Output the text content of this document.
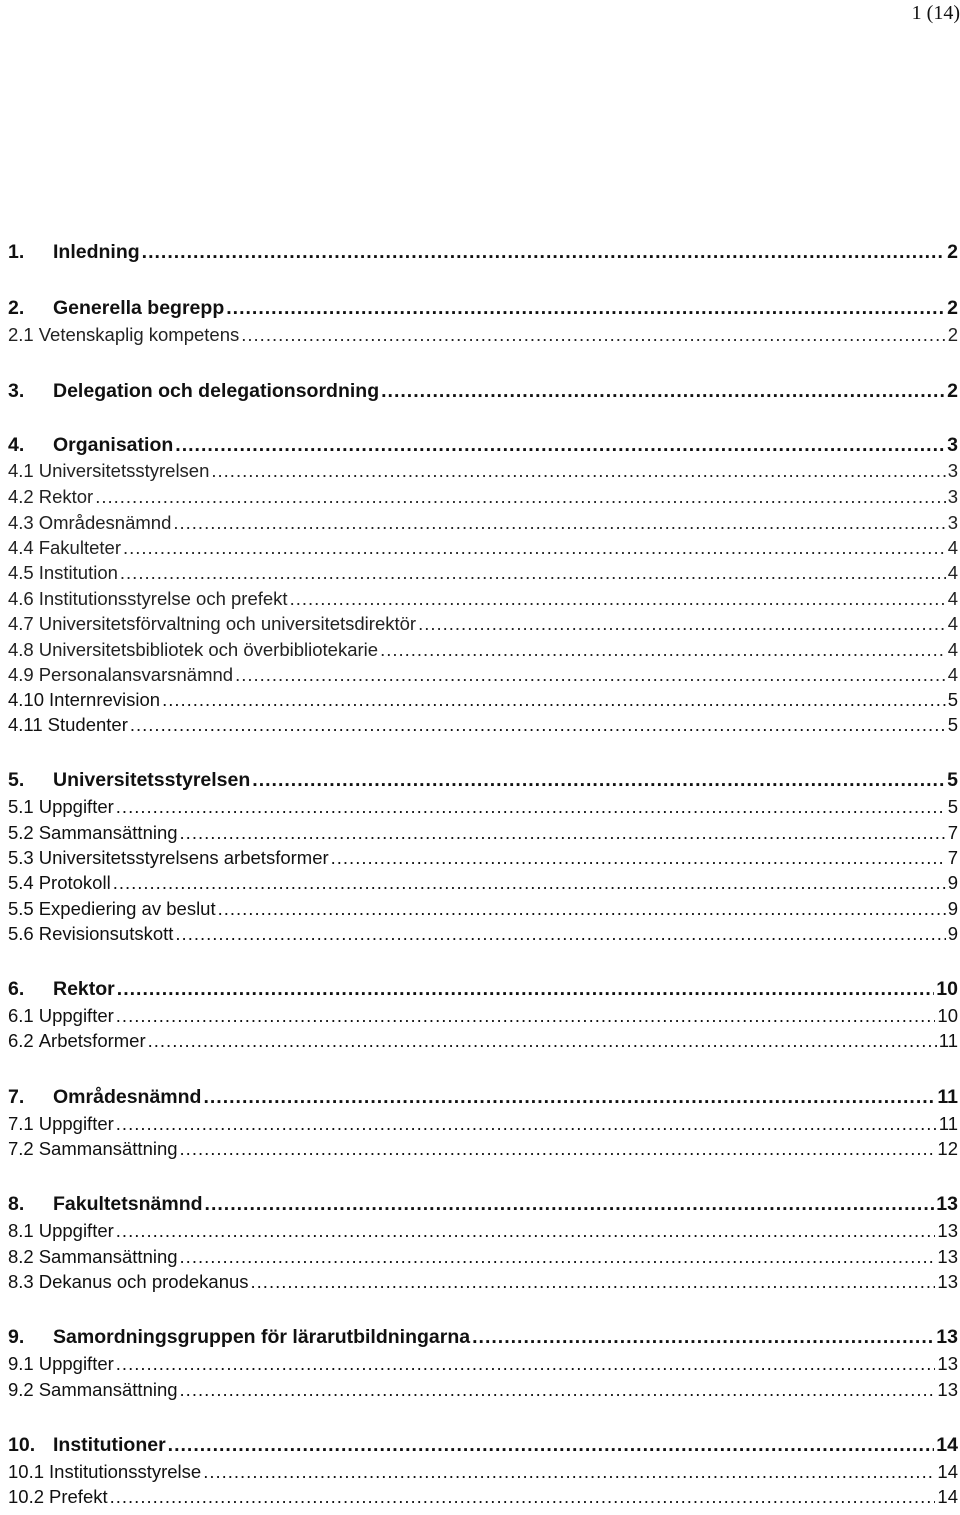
1 (14)
1.	Inledning .....	2
2.	Generella begrepp .....	2
2.1 Vetenskaplig kompetens .....	2
3.	Delegation och delegationsordning .....	2
4.	Organisation .....	3
4.1 Universitetsstyrelsen .....	3
4.2 Rektor .....	3
4.3 Områdesnämnd .....	3
4.4 Fakulteter .....	4
4.5 Institution .....	4
4.6 Institutionsstyrelse och prefekt .....	4
4.7 Universitetsförvaltning och universitetsdirektör .....	4
4.8 Universitetsbibliotek och överbibliotekarie .....	4
4.9 Personalansvarsnämnd .....	4
4.10 Internrevision .....	5
4.11 Studenter .....	5
5.	Universitetsstyrelsen .....	5
5.1 Uppgifter .....	5
5.2 Sammansättning .....	7
5.3 Universitetsstyrelsens arbetsformer .....	7
5.4 Protokoll .....	9
5.5 Expediering av beslut .....	9
5.6 Revisionsutskott .....	9
6.	Rektor .....	10
6.1 Uppgifter .....	10
6.2 Arbetsformer .....	11
7.	Områdesnämnd .....	11
7.1 Uppgifter .....	11
7.2 Sammansättning .....	12
8.	Fakultetsnämnd .....	13
8.1 Uppgifter .....	13
8.2 Sammansättning .....	13
8.3 Dekanus och prodekanus .....	13
9.	Samordningsgruppen för lärarutbildningarna .....	13
9.1 Uppgifter .....	13
9.2 Sammansättning .....	13
10. Institutioner .....	14
10.1 Institutionsstyrelse .....	14
10.2 Prefekt .....	14
